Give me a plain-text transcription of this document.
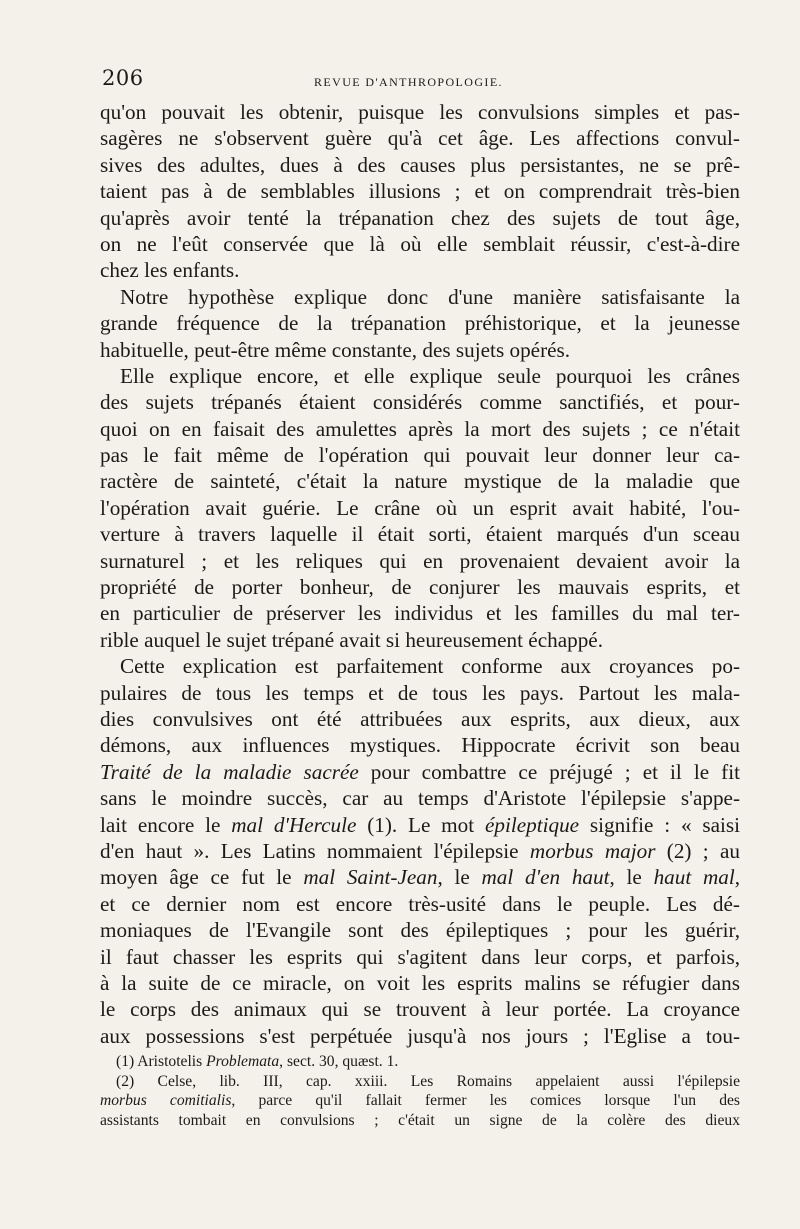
206	REVUE D'ANTHROPOLOGIE.
qu'on pouvait les obtenir, puisque les convulsions simples et pas-
sagères ne s'observent guère qu'à cet âge. Les affections convul-
sives des adultes, dues à des causes plus persistantes, ne se prê-
taient pas à de semblables illusions ; et on comprendrait très-bien
qu'après avoir tenté la trépanation chez des sujets de tout âge,
on ne l'eût conservée que là où elle semblait réussir, c'est-à-dire
chez les enfants.
Notre hypothèse explique donc d'une manière satisfaisante la
grande fréquence de la trépanation préhistorique, et la jeunesse
habituelle, peut-être même constante, des sujets opérés.
Elle explique encore, et elle explique seule pourquoi les crânes
des sujets trépanés étaient considérés comme sanctifiés, et pour-
quoi on en faisait des amulettes après la mort des sujets ; ce n'était
pas le fait même de l'opération qui pouvait leur donner leur ca-
ractère de sainteté, c'était la nature mystique de la maladie que
l'opération avait guérie. Le crâne où un esprit avait habité, l'ou-
verture à travers laquelle il était sorti, étaient marqués d'un sceau
surnaturel ; et les reliques qui en provenaient devaient avoir la
propriété de porter bonheur, de conjurer les mauvais esprits, et
en particulier de préserver les individus et les familles du mal ter-
rible auquel le sujet trépané avait si heureusement échappé.
Cette explication est parfaitement conforme aux croyances po-
pulaires de tous les temps et de tous les pays. Partout les mala-
dies convulsives ont été attribuées aux esprits, aux dieux, aux
démons, aux influences mystiques. Hippocrate écrivit son beau
Traité de la maladie sacrée pour combattre ce préjugé ; et il le fit
sans le moindre succès, car au temps d'Aristote l'épilepsie s'appe-
lait encore le mal d'Hercule (1). Le mot épileptique signifie : « saisi
d'en haut ». Les Latins nommaient l'épilepsie morbus major (2) ; au
moyen âge ce fut le mal Saint-Jean, le mal d'en haut, le haut mal,
et ce dernier nom est encore très-usité dans le peuple. Les dé-
moniaques de l'Evangile sont des épileptiques ; pour les guérir,
il faut chasser les esprits qui s'agitent dans leur corps, et parfois,
à la suite de ce miracle, on voit les esprits malins se réfugier dans
le corps des animaux qui se trouvent à leur portée. La croyance
aux possessions s'est perpétuée jusqu'à nos jours ; l'Eglise a tou-
(1) Aristotelis Problemata, sect. 30, quæst. 1.
(2) Celse, lib. III, cap. xxiii. Les Romains appelaient aussi l'épilepsie
morbus comitialis, parce qu'il fallait fermer les comices lorsque l'un des
assistants tombait en convulsions ; c'était un signe de la colère des dieux
